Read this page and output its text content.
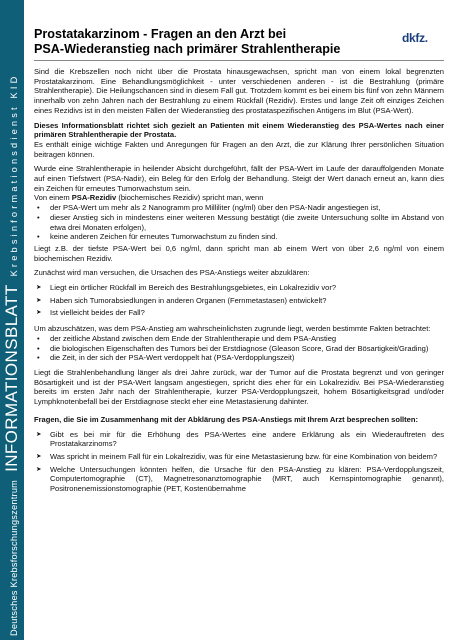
Deutsches Krebsforschungszentrum
INFORMATIONSBLATT
Krebsinformationsdienst KID
dkfz.
Prostatakarzinom - Fragen an den Arzt bei
PSA-Wiederanstieg nach primärer Strahlentherapie

Sind die Krebszellen noch nicht über die Prostata hinausgewachsen, spricht man von einem lokal begrenzten Prostatakarzinom. Eine Behandlungsmöglichkeit - unter verschiedenen anderen - ist die Bestrahlung (primäre Strahlentherapie). Die Heilungschancen sind in diesem Fall gut. Trotzdem kommt es bei einem bis fünf von zehn Männern innerhalb von zehn Jahren nach der Bestrahlung zu einem Rückfall (Rezidiv). Erstes und lange Zeit oft einziges Zeichen eines Rezidivs ist in den meisten Fällen der Wiederanstieg des prostataspezifischen Antigens im Blut (PSA-Wert).

Dieses Informationsblatt richtet sich gezielt an Patienten mit einem Wiederanstieg des PSA-Wertes nach einer primären Strahlentherapie der Prostata.
Es enthält einige wichtige Fakten und Anregungen für Fragen an den Arzt, die zur Klärung Ihrer persönlichen Situation beitragen können.

Wurde eine Strahlentherapie in heilender Absicht durchgeführt, fällt der PSA-Wert im Laufe der darauffolgenden Monate auf einen Tiefstwert (PSA-Nadir), ein Beleg für den Erfolg der Behandlung. Steigt der Wert danach erneut an, kann dies ein Zeichen für erneutes Tumorwachstum sein.

Von einem PSA-Rezidiv (biochemisches Rezidiv) spricht man, wenn

• der PSA-Wert um mehr als 2 Nanogramm pro Milliliter (ng/ml) über den PSA-Nadir angestiegen ist,
• dieser Anstieg sich in mindestens einer weiteren Messung bestätigt (die zweite Untersuchung sollte im Abstand von etwa drei Monaten erfolgen),
• keine anderen Zeichen für erneutes Tumorwachstum zu finden sind.

Liegt z.B. der tiefste PSA-Wert bei 0,6 ng/ml, dann spricht man ab einem Wert von über 2,6 ng/ml von einem biochemischen Rezidiv.

Zunächst wird man versuchen, die Ursachen des PSA-Anstiegs weiter abzuklären:

➤ Liegt ein örtlicher Rückfall im Bereich des Bestrahlungsgebietes, ein Lokalrezidiv vor?
➤ Haben sich Tumorabsiedlungen in anderen Organen (Fernmetastasen) entwickelt?
➤ Ist vielleicht beides der Fall?

Um abzuschätzen, was dem PSA-Anstieg am wahrscheinlichsten zugrunde liegt, werden bestimmte Fakten betrachtet:

• der zeitliche Abstand zwischen dem Ende der Strahlentherapie und dem PSA-Anstieg
• die biologischen Eigenschaften des Tumors bei der Erstdiagnose (Gleason Score, Grad der Bösartigkeit/Grading)
• die Zeit, in der sich der PSA-Wert verdoppelt hat (PSA-Verdopplungszeit)

Liegt die Strahlenbehandlung länger als drei Jahre zurück, war der Tumor auf die Prostata begrenzt und von geringer Bösartigkeit und ist der PSA-Wert langsam angestiegen, spricht dies eher für ein Lokalrezidiv. Bei PSA-Wiederanstieg bereits im ersten Jahr nach der Strahlentherapie, kurzer PSA-Verdopplungszeit, hohem Bösartigkeitsgrad und/oder Lymphknotenbefall bei der Erstdiagnose steckt eher eine Metastasierung dahinter.

Fragen, die Sie im Zusammenhang mit der Abklärung des PSA-Anstiegs mit Ihrem Arzt besprechen sollten:

➤ Gibt es bei mir für die Erhöhung des PSA-Wertes eine andere Erklärung als ein Wiederauftreten des Prostatakarzinoms?
➤ Was spricht in meinem Fall für ein Lokalrezidiv, was für eine Metastasierung bzw. für eine Kombination von beidem?
➤ Welche Untersuchungen könnten helfen, die Ursache für den PSA-Anstieg zu klären: PSA-Verdopplungszeit, Computertomographie (CT), Magnetresonanztomographie (MRT, auch Kernspintomographie genannt), Positronenemissionstomographie (PET, Kostenübernahme
